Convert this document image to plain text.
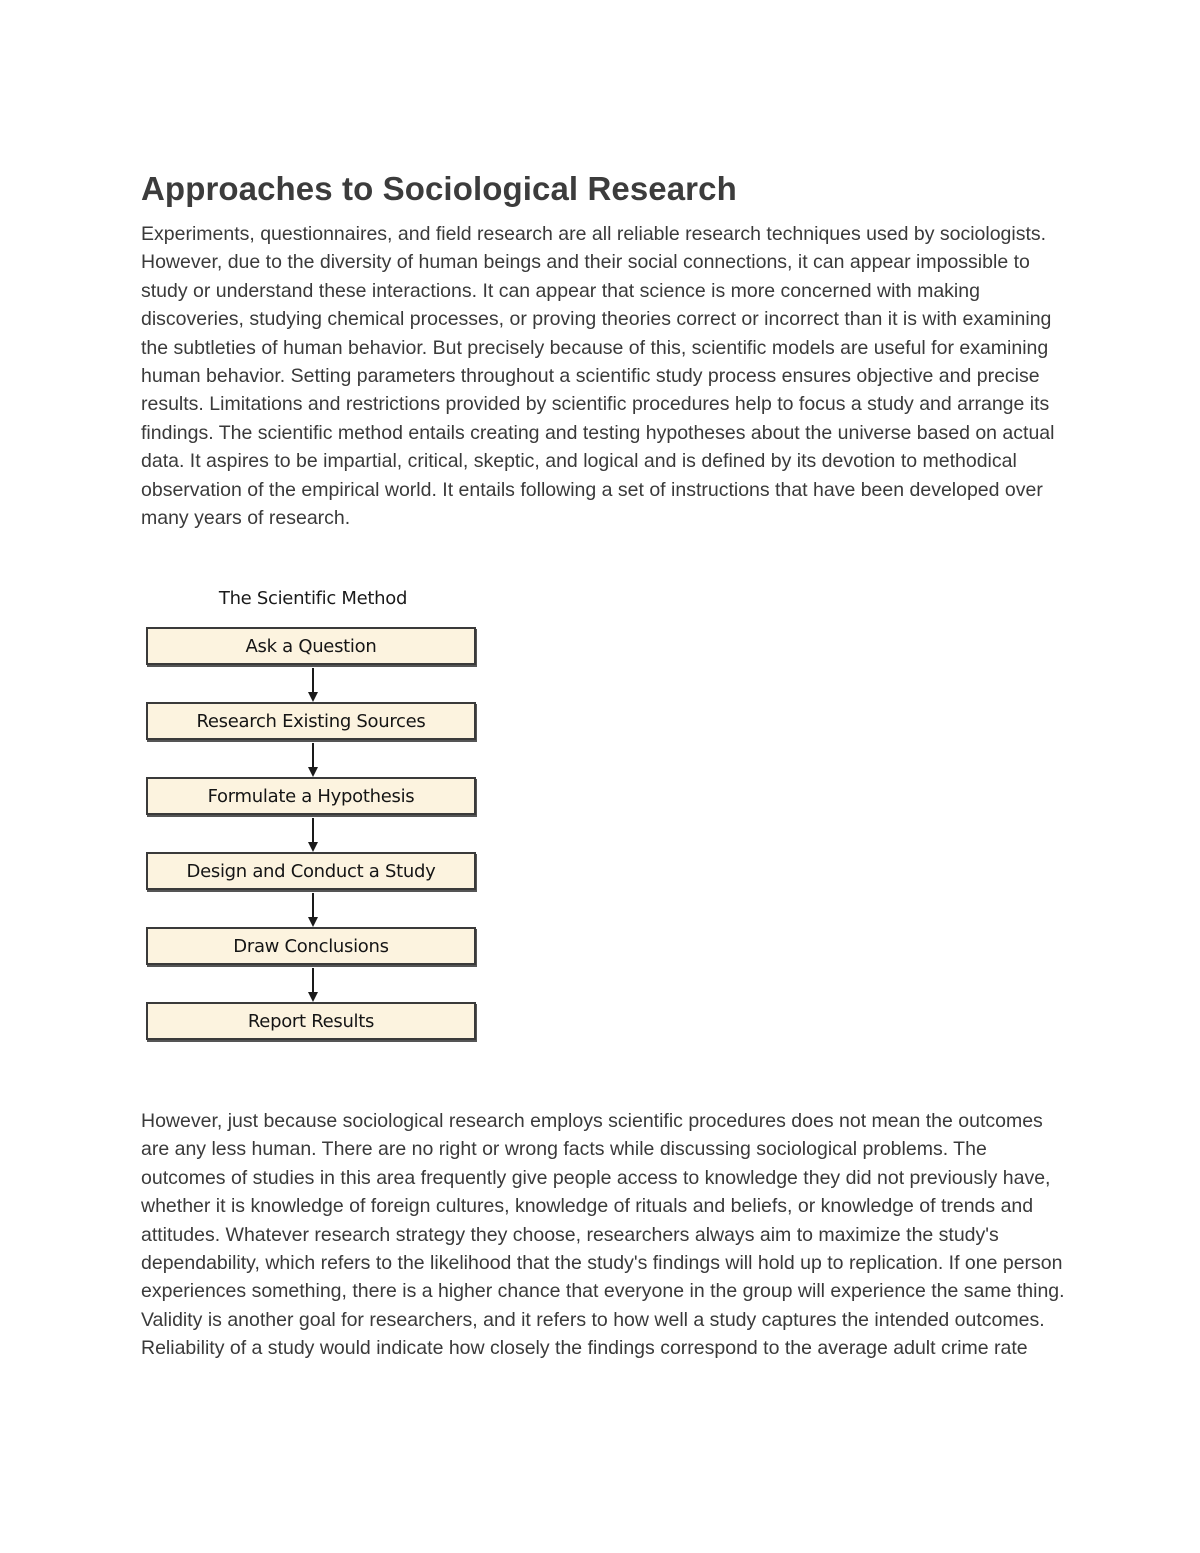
Approaches to Sociological Research

Experiments, questionnaires, and field research are all reliable research techniques used by sociologists. However, due to the diversity of human beings and their social connections, it can appear impossible to study or understand these interactions. It can appear that science is more concerned with making discoveries, studying chemical processes, or proving theories correct or incorrect than it is with examining the subtleties of human behavior. But precisely because of this, scientific models are useful for examining human behavior. Setting parameters throughout a scientific study process ensures objective and precise results. Limitations and restrictions provided by scientific procedures help to focus a study and arrange its findings. The scientific method entails creating and testing hypotheses about the universe based on actual data. It aspires to be impartial, critical, skeptic, and logical and is defined by its devotion to methodical observation of the empirical world. It entails following a set of instructions that have been developed over many years of research.

The Scientific Method
Ask a Question
Research Existing Sources
Formulate a Hypothesis
Design and Conduct a Study
Draw Conclusions
Report Results

However, just because sociological research employs scientific procedures does not mean the outcomes are any less human. There are no right or wrong facts while discussing sociological problems. The outcomes of studies in this area frequently give people access to knowledge they did not previously have, whether it is knowledge of foreign cultures, knowledge of rituals and beliefs, or knowledge of trends and attitudes. Whatever research strategy they choose, researchers always aim to maximize the study's dependability, which refers to the likelihood that the study's findings will hold up to replication. If one person experiences something, there is a higher chance that everyone in the group will experience the same thing. Validity is another goal for researchers, and it refers to how well a study captures the intended outcomes. Reliability of a study would indicate how closely the findings correspond to the average adult crime rate
